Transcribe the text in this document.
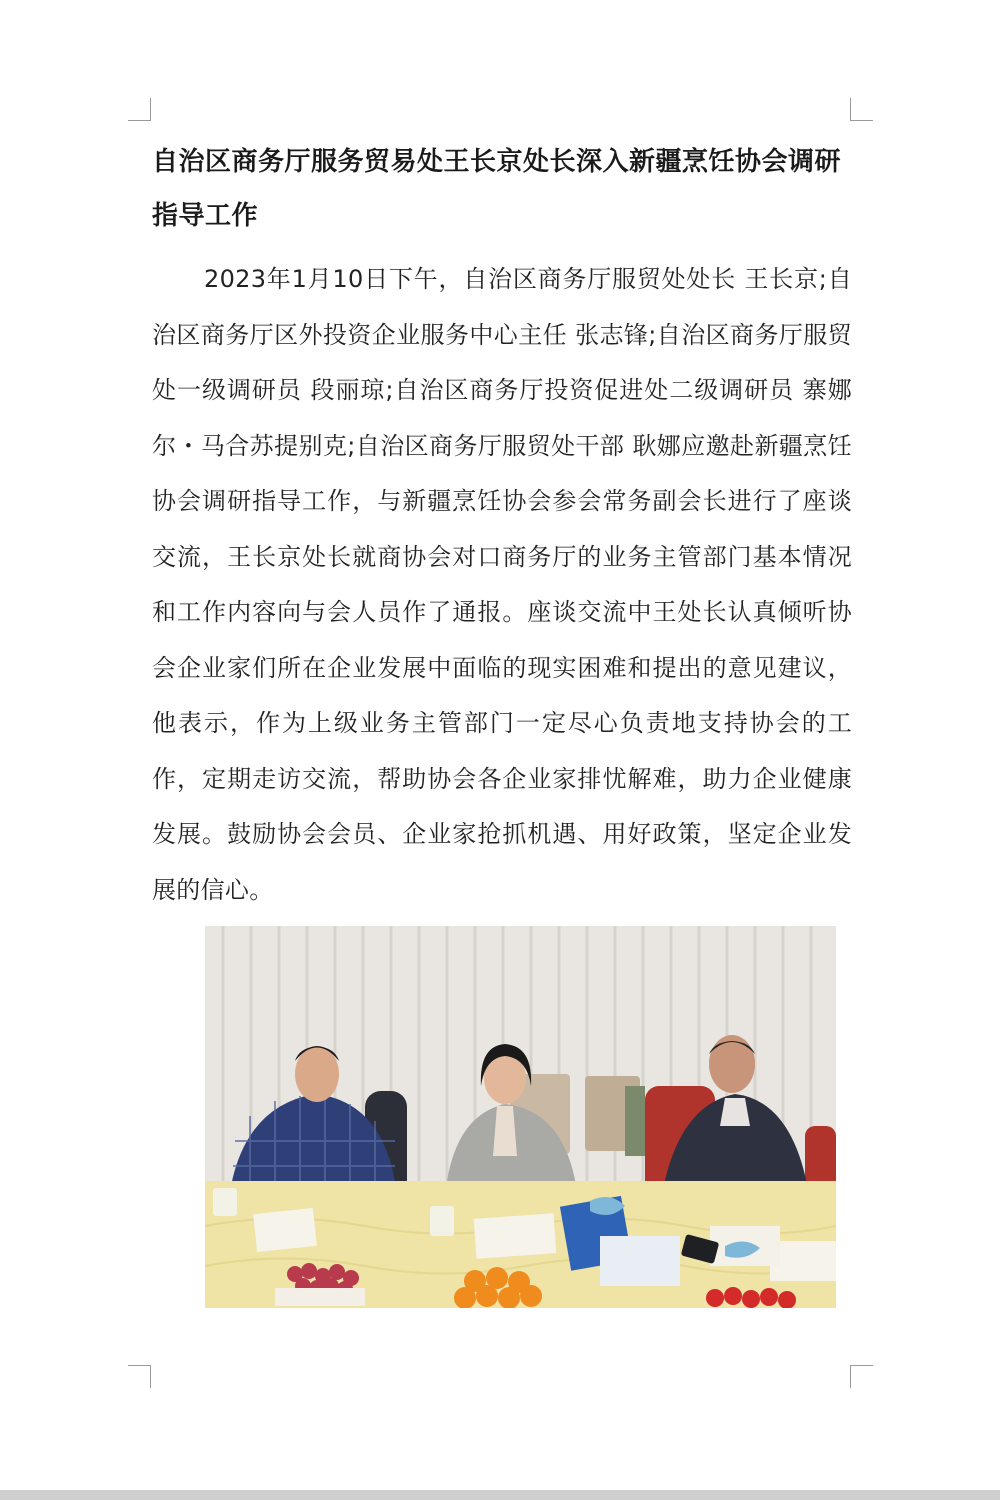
自治区商务厅服务贸易处王长京处长深入新疆烹饪协会调研指导工作

2023年1月10日下午，自治区商务厅服贸处处长 王长京;自治区商务厅区外投资企业服务中心主任 张志锋;自治区商务厅服贸处一级调研员 段丽琼;自治区商务厅投资促进处二级调研员 寨娜尔・马合苏提别克;自治区商务厅服贸处干部 耿娜应邀赴新疆烹饪协会调研指导工作，与新疆烹饪协会参会常务副会长进行了座谈交流，王长京处长就商协会对口商务厅的业务主管部门基本情况和工作内容向与会人员作了通报。座谈交流中王处长认真倾听协会企业家们所在企业发展中面临的现实困难和提出的意见建议，他表示，作为上级业务主管部门一定尽心负责地支持协会的工作，定期走访交流，帮助协会各企业家排忧解难，助力企业健康发展。鼓励协会会员、企业家抢抓机遇、用好政策，坚定企业发展的信心。
